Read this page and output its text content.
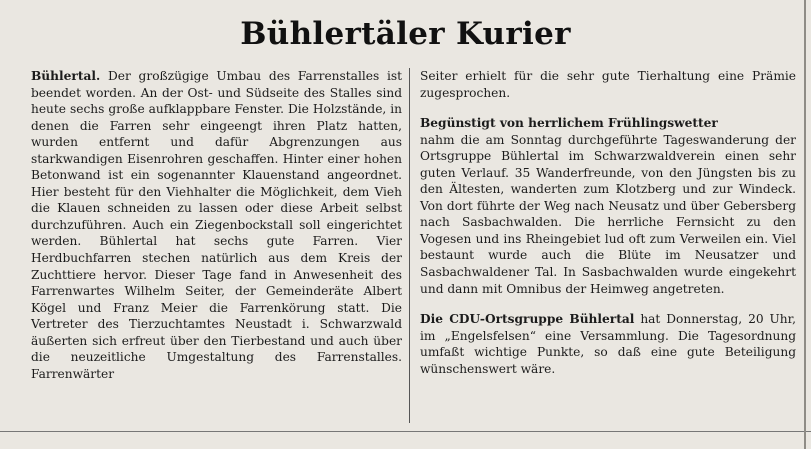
Bühlertäler Kurier

Bühlertal. Der großzügige Umbau des Farrenstalles ist beendet worden. An der Ost- und Südseite des Stalles sind heute sechs große aufklappbare Fenster. Die Holzstände, in denen die Farren sehr eingeengt ihren Platz hatten, wurden entfernt und dafür Abgrenzungen aus starkwandigen Eisenrohren geschaffen. Hinter einer hohen Betonwand ist ein sogenannter Klauenstand angeordnet. Hier besteht für den Viehhalter die Möglichkeit, dem Vieh die Klauen schneiden zu lassen oder diese Arbeit selbst durchzuführen. Auch ein Ziegenbockstall soll eingerichtet werden. Bühlertal hat sechs gute Farren. Vier Herdbuchfarren stechen natürlich aus dem Kreis der Zuchttiere hervor. Dieser Tage fand in Anwesenheit des Farrenwartes Wilhelm Seiter, der Gemeinderäte Albert Kögel und Franz Meier die Farrenkörung statt. Die Vertreter des Tierzuchtamtes Neustadt i. Schwarzwald äußerten sich erfreut über den Tierbestand und auch über die neuzeitliche Umgestaltung des Farrenstalles. Farrenwärter

Seiter erhielt für die sehr gute Tierhaltung eine Prämie zugesprochen.

Begünstigt von herrlichem Frühlingswetter

nahm die am Sonntag durchgeführte Tageswanderung der Ortsgruppe Bühlertal im Schwarzwaldverein einen sehr guten Verlauf. 35 Wanderfreunde, von den Jüngsten bis zu den Ältesten, wanderten zum Klotzberg und zur Windeck. Von dort führte der Weg nach Neusatz und über Gebersberg nach Sasbachwalden. Die herrliche Fernsicht zu den Vogesen und ins Rheingebiet lud oft zum Verweilen ein. Viel bestaunt wurde auch die Blüte im Neusatzer und Sasbachwaldener Tal. In Sasbachwalden wurde eingekehrt und dann mit Omnibus der Heimweg angetreten.

Die CDU-Ortsgruppe Bühlertal hat Donnerstag, 20 Uhr, im „Engelsfelsen“ eine Versammlung. Die Tagesordnung umfaßt wichtige Punkte, so daß eine gute Beteiligung wünschenswert wäre.
